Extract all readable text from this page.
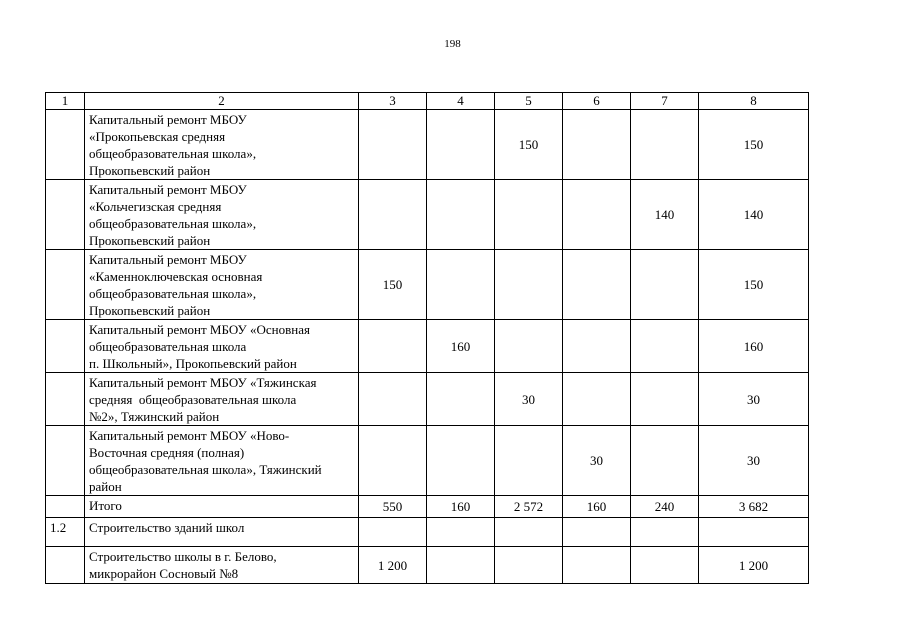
198
1	2	3	4	5	6	7	8

	Капитальный ремонт МБОУ
«Прокопьевская средняя
общеобразовательная школа»,
Прокопьевский район			150			150

	Капитальный ремонт МБОУ
«Кольчегизская средняя
общеобразовательная школа»,
Прокопьевский район					140	140

	Капитальный ремонт МБОУ
«Каменноключевская основная
общеобразовательная школа»,
Прокопьевский район	150					150

	Капитальный ремонт МБОУ «Основная
общеобразовательная школа
п. Школьный», Прокопьевский район		160				160

	Капитальный ремонт МБОУ «Тяжинская
средняя  общеобразовательная школа
№2», Тяжинский район			30			30

	Капитальный ремонт МБОУ «Ново-
Восточная средняя (полная)
общеобразовательная школа», Тяжинский
район				30		30

	Итого	550	160	2 572	160	240	3 682
1.2	Строительство зданий школ						

	Строительство школы в г. Белово,
микрорайон Сосновый №8	1 200					1 200
